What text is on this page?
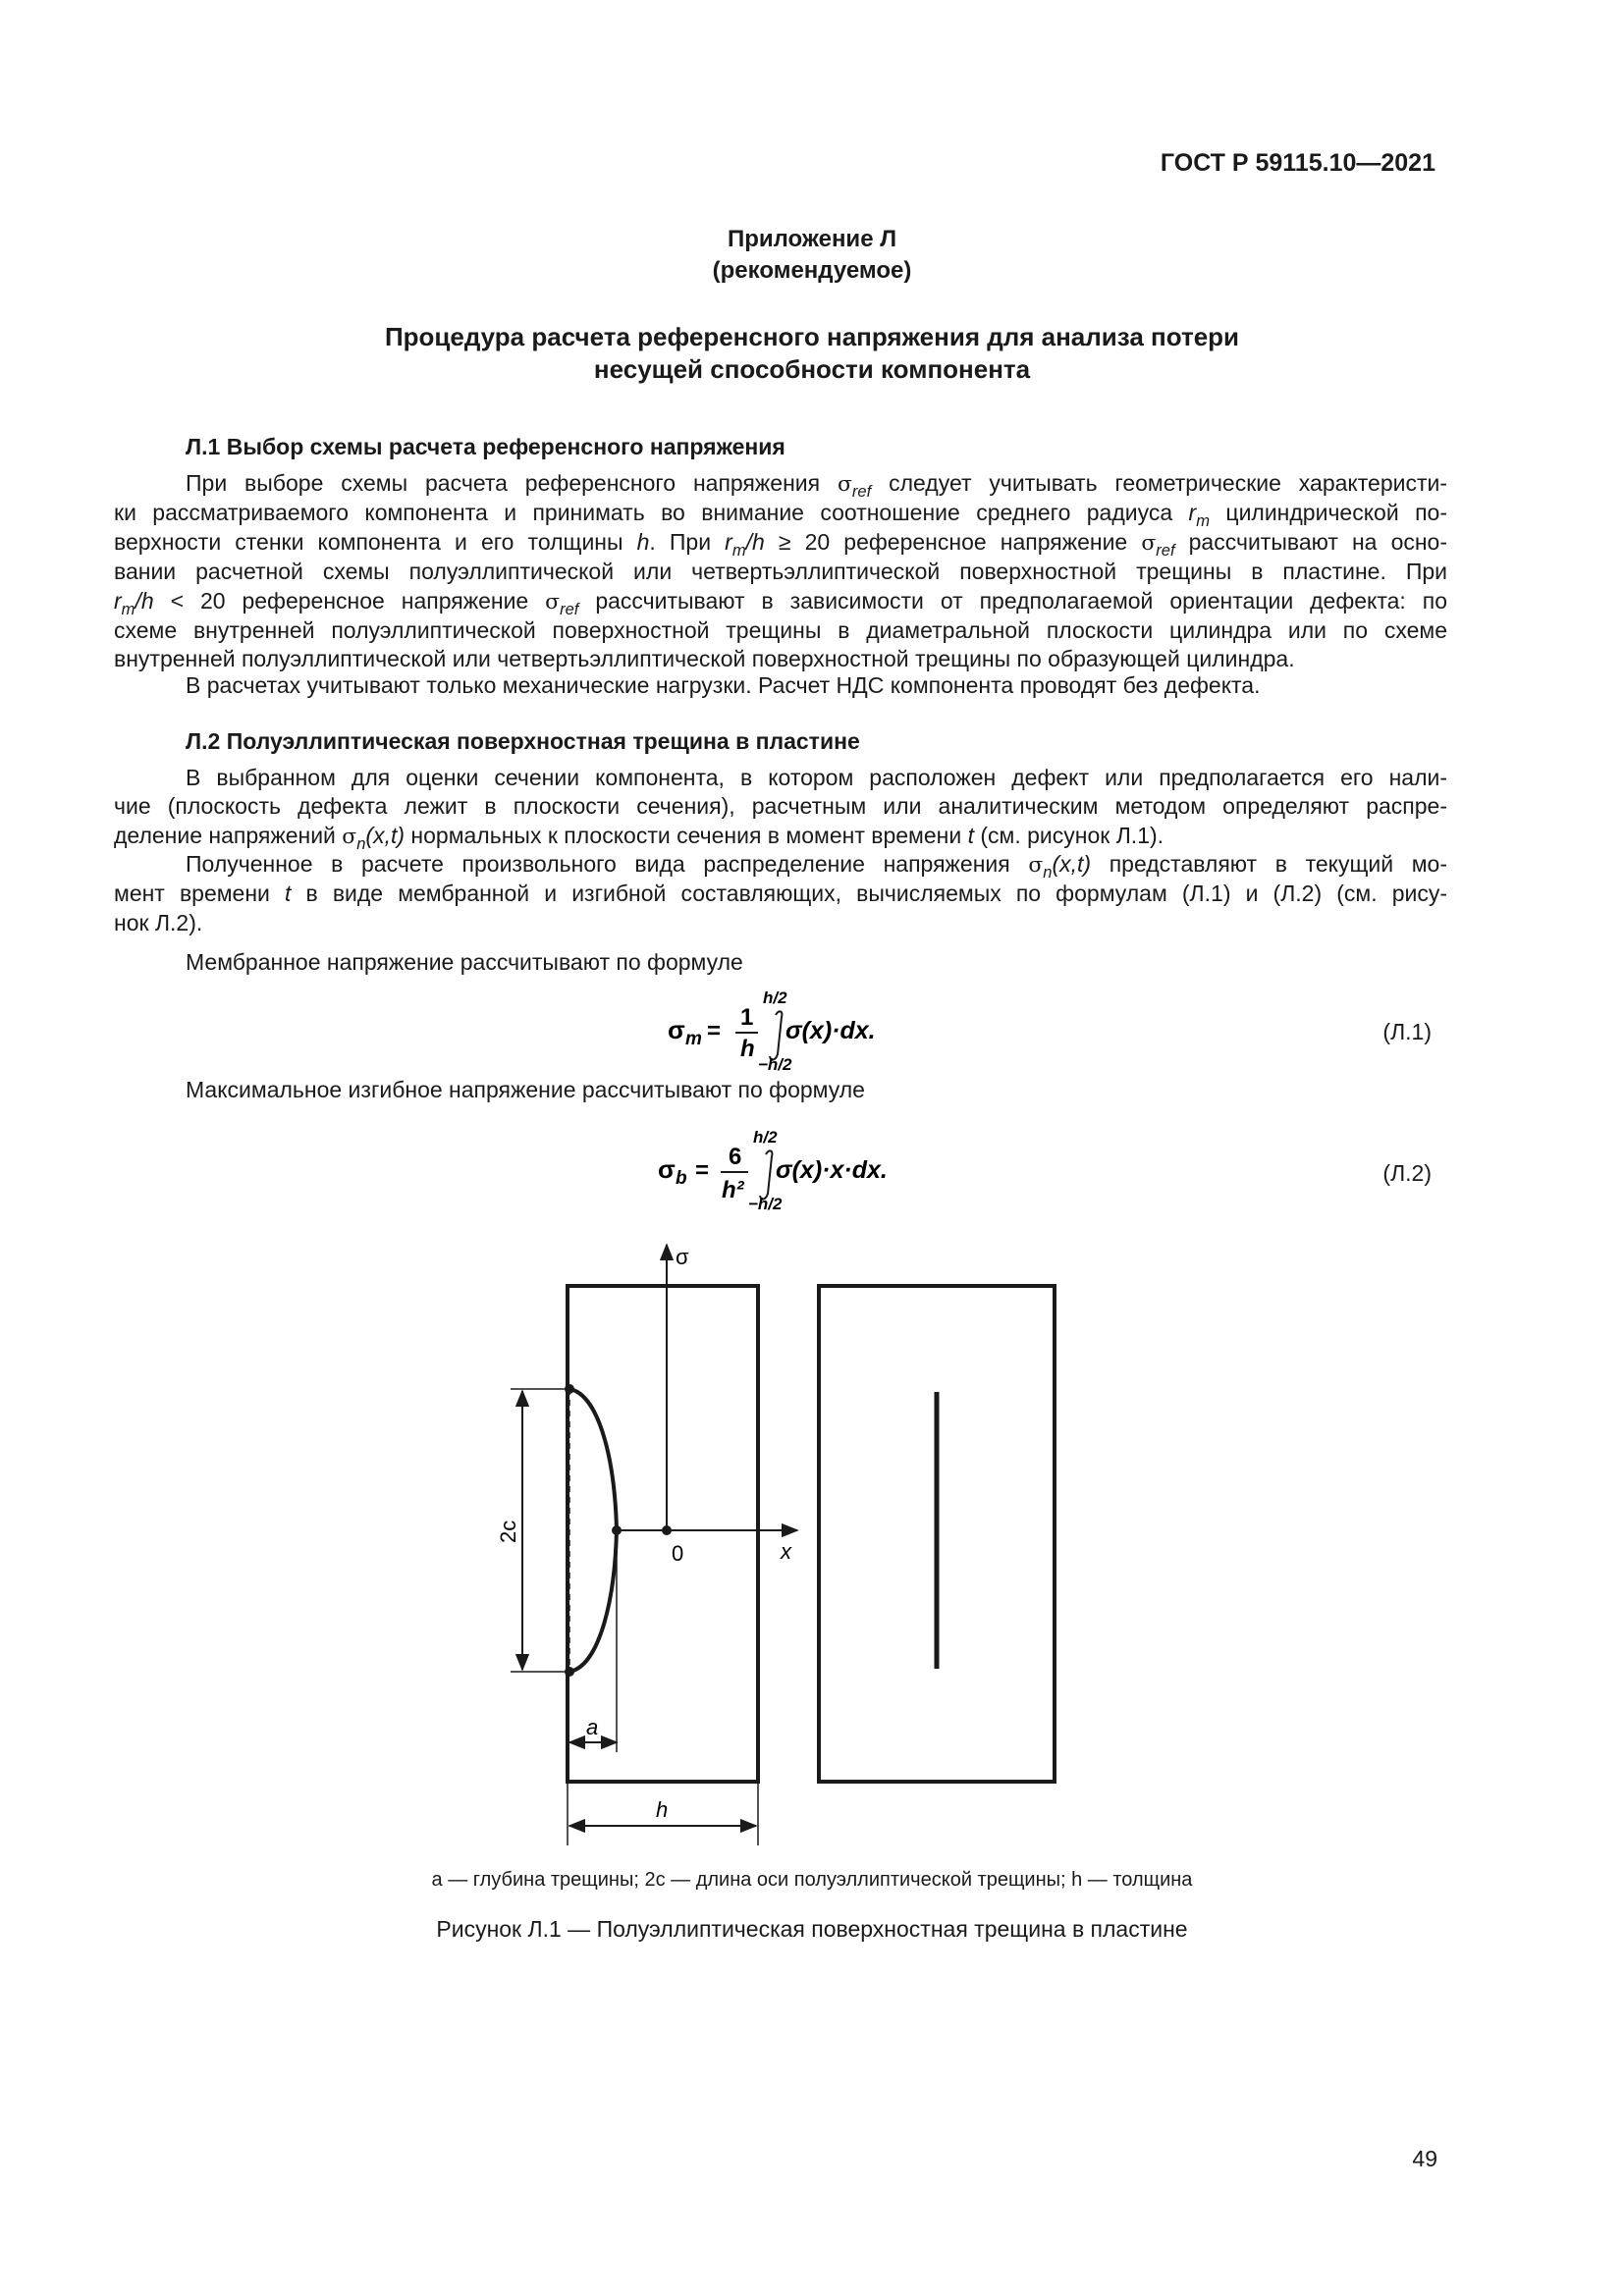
ГОСТ Р 59115.10—2021
Приложение Л
(рекомендуемое)
Процедура расчета референсного напряжения для анализа потери
несущей способности компонента
Л.1 Выбор схемы расчета референсного напряжения
При выборе схемы расчета референсного напряжения $\sigma_{ref}$ следует учитывать геометрические характеристи-
ки рассматриваемого компонента и принимать во внимание соотношение среднего радиуса $r_m$ цилиндрической по-
верхности стенки компонента и его толщины h. При $r_m/h \ge 20$ референсное напряжение $\sigma_{ref}$ рассчитывают на осно-
вании расчетной схемы полуэллиптической или четвертьэллиптической поверхностной трещины в пластине. При
$r_m/h < 20$ референсное напряжение $\sigma_{ref}$ рассчитывают в зависимости от предполагаемой ориентации дефекта: по
схеме внутренней полуэллиптической поверхностной трещины в диаметральной плоскости цилиндра или по схеме
внутренней полуэллиптической или четвертьэллиптической поверхностной трещины по образующей цилиндра.
В расчетах учитывают только механические нагрузки. Расчет НДС компонента проводят без дефекта.
Л.2 Полуэллиптическая поверхностная трещина в пластине
В выбранном для оценки сечении компонента, в котором расположен дефект или предполагается его нали-
чие (плоскость дефекта лежит в плоскости сечения), расчетным или аналитическим методом определяют распре-
деление напряжений $\sigma_n(x,t)$ нормальных к плоскости сечения в момент времени t (см. рисунок Л.1).
Полученное в расчете произвольного вида распределение напряжения $\sigma_n(x,t)$ представляют в текущий мо-
мент времени t в виде мембранной и изгибной составляющих, вычисляемых по формулам (Л.1) и (Л.2) (см. рису-
нок Л.2).
Мембранное напряжение рассчитывают по формуле
σ m =
1
h
h/2
−h/2
σ(x)·dx.	(Л.1)
Максимальное изгибное напряжение рассчитывают по формуле
σ b =
6
h²
h/2
−h/2
σ(x)·x·dx.	(Л.2)
σ
x
0
2c
a
h
a — глубина трещины; 2c — длина оси полуэллиптической трещины; h — толщина
Рисунок Л.1 — Полуэллиптическая поверхностная трещина в пластине
49
